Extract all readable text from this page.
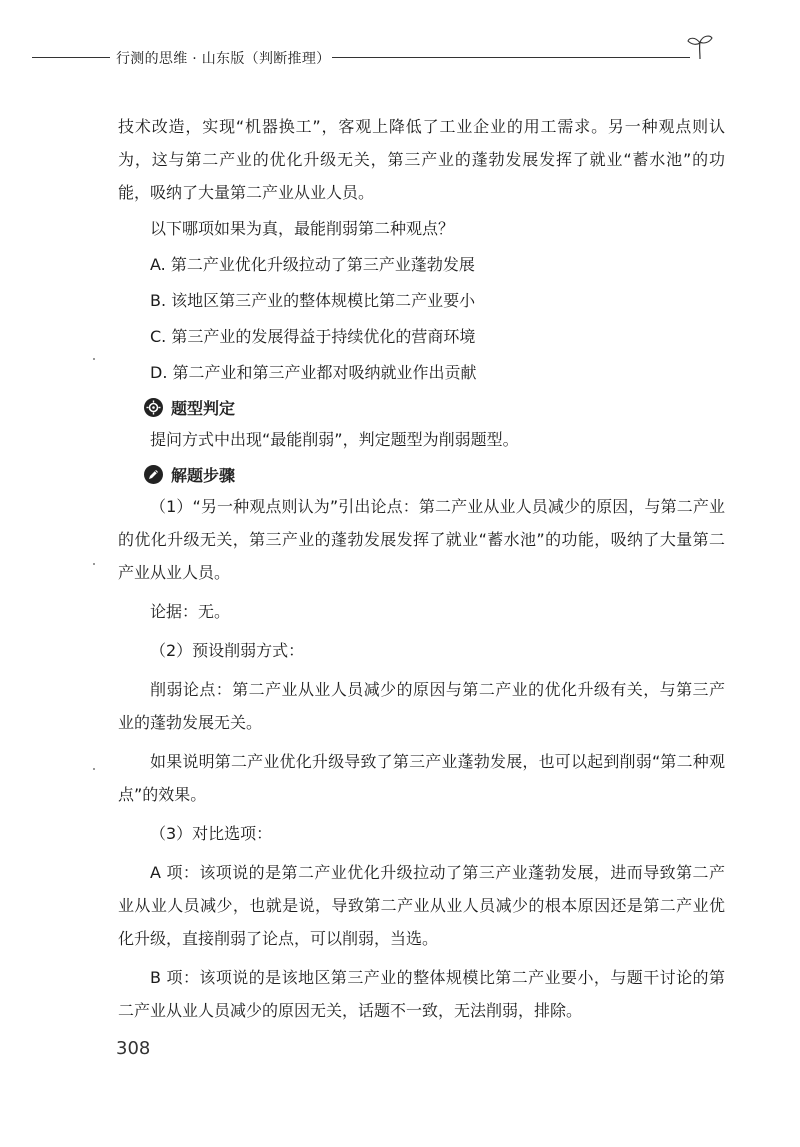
行测的思维 · 山东版（判断推理）

技术改造，实现“机器换工”，客观上降低了工业企业的用工需求。另一种观点则认为，这与第二产业的优化升级无关，第三产业的蓬勃发展发挥了就业“蓄水池”的功能，吸纳了大量第二产业从业人员。

以下哪项如果为真，最能削弱第二种观点？

A. 第二产业优化升级拉动了第三产业蓬勃发展

B. 该地区第三产业的整体规模比第二产业要小

C. 第三产业的发展得益于持续优化的营商环境

D. 第二产业和第三产业都对吸纳就业作出贡献

题型判定

提问方式中出现“最能削弱”，判定题型为削弱题型。

解题步骤

（1）“另一种观点则认为”引出论点：第二产业从业人员减少的原因，与第二产业的优化升级无关，第三产业的蓬勃发展发挥了就业“蓄水池”的功能，吸纳了大量第二产业从业人员。

论据：无。

（2）预设削弱方式：

削弱论点：第二产业从业人员减少的原因与第二产业的优化升级有关，与第三产业的蓬勃发展无关。

如果说明第二产业优化升级导致了第三产业蓬勃发展，也可以起到削弱“第二种观点”的效果。

（3）对比选项：

A 项：该项说的是第二产业优化升级拉动了第三产业蓬勃发展，进而导致第二产业从业人员减少，也就是说，导致第二产业从业人员减少的根本原因还是第二产业优化升级，直接削弱了论点，可以削弱，当选。

B 项：该项说的是该地区第三产业的整体规模比第二产业要小，与题干讨论的第二产业从业人员减少的原因无关，话题不一致，无法削弱，排除。

308
